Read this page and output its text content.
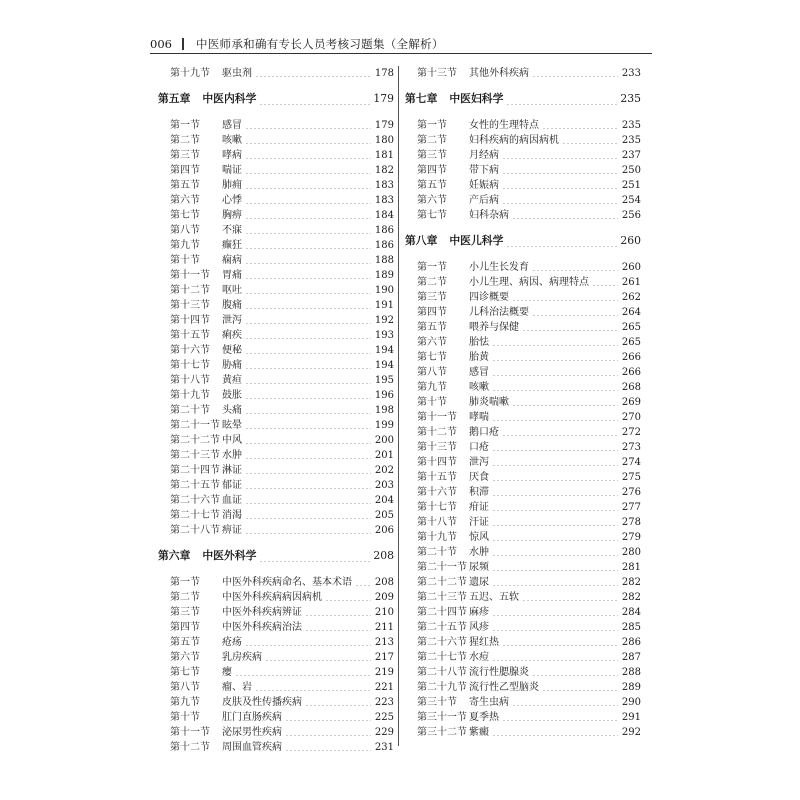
006 中医师承和确有专长人员考核习题集（全解析）
第十九节	驱虫剂	178
第五章 中医内科学	179
第一节	感冒	179
第二节	咳嗽	180
第三节	哮病	181
第四节	喘证	182
第五节	肺痈	183
第六节	心悸	183
第七节	胸痹	184
第八节	不寐	186
第九节	癫狂	186
第十节	痫病	188
第十一节	胃痛	189
第十二节	呕吐	190
第十三节	腹痛	191
第十四节	泄泻	192
第十五节	痢疾	193
第十六节	便秘	194
第十七节	胁痛	194
第十八节	黄疸	195
第十九节	鼓胀	196
第二十节	头痛	198
第二十一节 眩晕	199
第二十二节 中风	200
第二十三节 水肿	201
第二十四节 淋证	202
第二十五节 郁证	203
第二十六节 血证	204
第二十七节 消渴	205
第二十八节 痹证	206
第六章 中医外科学	208
第一节	中医外科疾病命名、基本术语 208
第二节	中医外科疾病病因病机	209
第三节	中医外科疾病辨证	210
第四节	中医外科疾病治法	211
第五节	疮疡	213
第六节	乳房疾病	217
第七节	瘿	219
第八节	瘤、岩	221
第九节	皮肤及性传播疾病	223
第十节	肛门直肠疾病	225
第十一节	泌尿男性疾病	229
第十二节	周围血管疾病	231
第十三节	其他外科疾病	233
第七章 中医妇科学	235
第一节	女性的生理特点	235
第二节	妇科疾病的病因病机	235
第三节	月经病	237
第四节	带下病	250
第五节	妊娠病	251
第六节	产后病	254
第七节	妇科杂病	256
第八章 中医儿科学	260
第一节	小儿生长发育	260
第二节	小儿生理、病因、病理特点	261
第三节	四诊概要	262
第四节	儿科治法概要	264
第五节	喂养与保健	265
第六节	胎怯	265
第七节	胎黄	266
第八节	感冒	266
第九节	咳嗽	268
第十节	肺炎喘嗽	269
第十一节	哮喘	270
第十二节	鹅口疮	272
第十三节	口疮	273
第十四节	泄泻	274
第十五节	厌食	275
第十六节	积滞	276
第十七节	疳证	277
第十八节	汗证	278
第十九节	惊风	279
第二十节	水肿	280
第二十一节 尿频	281
第二十二节 遗尿	282
第二十三节 五迟、五软	282
第二十四节 麻疹	284
第二十五节 风疹	285
第二十六节 猩红热	286
第二十七节 水痘	287
第二十八节 流行性腮腺炎	288
第二十九节 流行性乙型脑炎	289
第三十节	寄生虫病	290
第三十一节 夏季热	291
第三十二节 紫癜	292
